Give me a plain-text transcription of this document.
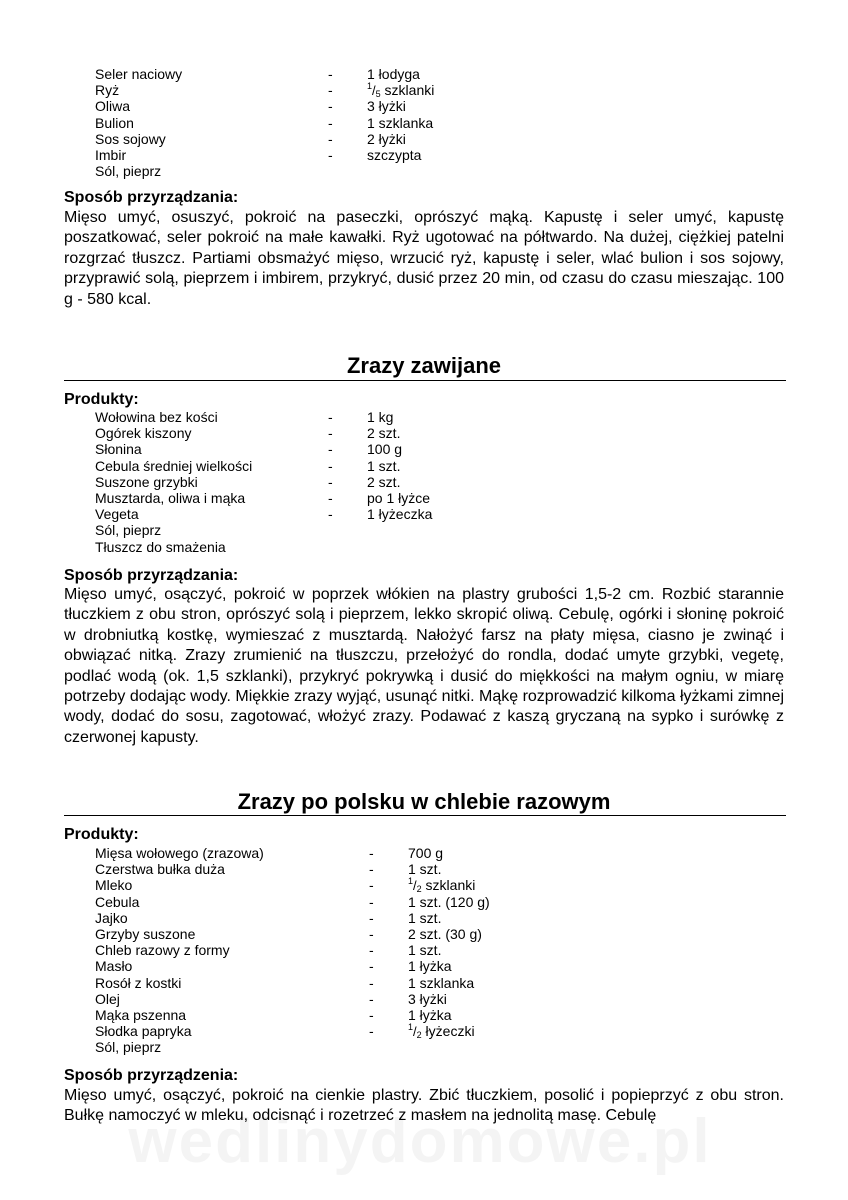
Seler naciowy	- 1 łodyga
Ryż	-	$^1/_5$ szklanki
Oliwa	- 3 łyżki
Bulion	- 1 szklanka
Sos sojowy	- 2 łyżki
Imbir	- szczypta
Sól, pieprz
Sposób przyrządzania:
Mięso umyć, osuszyć, pokroić na paseczki, oprószyć mąką. Kapustę i seler umyć, kapustę poszatkować, seler pokroić na małe kawałki. Ryż ugotować na półtwardo. Na dużej, ciężkiej patelni rozgrzać tłuszcz. Partiami obsmażyć mięso, wrzucić ryż, kapustę i seler, wlać bulion i sos sojowy, przyprawić solą, pieprzem i imbirem, przykryć, dusić przez 20 min, od czasu do czasu mieszając. 100 g - 580 kcal.
Zrazy zawijane
Produkty:
Wołowina bez kości	- 1 kg
Ogórek kiszony	- 2 szt.
Słonina	- 100 g
Cebula średniej wielkości	- 1 szt.
Suszone grzybki	- 2 szt.
Musztarda, oliwa i mąka	- po 1 łyżce
Vegeta	- 1 łyżeczka
Sól, pieprz
Tłuszcz do smażenia
Sposób przyrządzania:
Mięso umyć, osączyć, pokroić w poprzek włókien na plastry grubości 1,5-2 cm. Rozbić starannie tłuczkiem z obu stron, oprószyć solą i pieprzem, lekko skropić oliwą. Cebulę, ogórki i słoninę pokroić w drobniutką kostkę, wymieszać z musztardą. Nałożyć farsz na płaty mięsa, ciasno je zwinąć i obwiązać nitką. Zrazy zrumienić na tłuszczu, przełożyć do rondla, dodać umyte grzybki, vegetę, podlać wodą (ok. 1,5 szklanki), przykryć pokrywką i dusić do miękkości na małym ogniu, w miarę potrzeby dodając wody. Miękkie zrazy wyjąć, usunąć nitki. Mąkę rozprowadzić kilkoma łyżkami zimnej wody, dodać do sosu, zagotować, włożyć zrazy. Podawać z kaszą gryczaną na sypko i surówkę z czerwonej kapusty.
Zrazy po polsku w chlebie razowym
Produkty:
Mięsa wołowego (zrazowa)	- 700 g
Czerstwa bułka duża	- 1 szt.
Mleko	-	$^1/_2$ szklanki
Cebula	- 1 szt. (120 g)
Jajko	- 1 szt.
Grzyby suszone	- 2 szt. (30 g)
Chleb razowy z formy	- 1 szt.
Masło	- 1 łyżka
Rosół z kostki	- 1 szklanka
Olej	- 3 łyżki
Mąka pszenna	- 1 łyżka
Słodka papryka	-	$^1/_2$ łyżeczki
Sól, pieprz
Sposób przyrządzenia:
Mięso umyć, osączyć, pokroić na cienkie plastry. Zbić tłuczkiem, posolić i popieprzyć z obu stron. Bułkę namoczyć w mleku, odcisnąć i rozetrzeć z masłem na jednolitą masę. Cebulę
